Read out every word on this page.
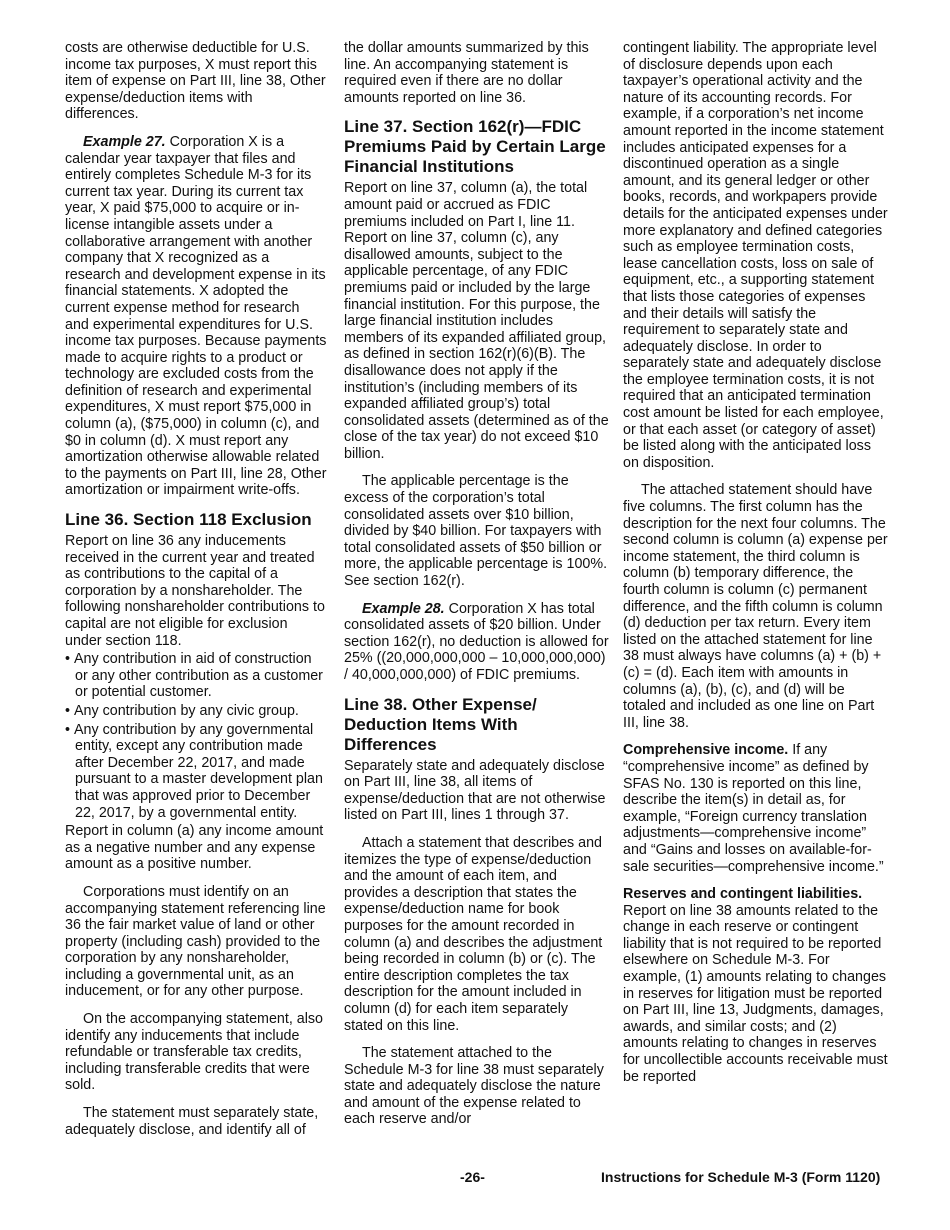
costs are otherwise deductible for U.S. income tax purposes, X must report this item of expense on Part III, line 38, Other expense/deduction items with differences.

Example 27. Corporation X is a calendar year taxpayer that files and entirely completes Schedule M-3 for its current tax year. During its current tax year, X paid $75,000 to acquire or in-license intangible assets under a collaborative arrangement with another company that X recognized as a research and development expense in its financial statements. X adopted the current expense method for research and experimental expenditures for U.S. income tax purposes. Because payments made to acquire rights to a product or technology are excluded costs from the definition of research and experimental expenditures, X must report $75,000 in column (a), ($75,000) in column (c), and $0 in column (d). X must report any amortization otherwise allowable related to the payments on Part III, line 28, Other amortization or impairment write-offs.

Line 36. Section 118 Exclusion

Report on line 36 any inducements received in the current year and treated as contributions to the capital of a corporation by a nonshareholder. The following nonshareholder contributions to capital are not eligible for exclusion under section 118.

• Any contribution in aid of construction or any other contribution as a customer or potential customer.

• Any contribution by any civic group.

• Any contribution by any governmental entity, except any contribution made after December 22, 2017, and made pursuant to a master development plan that was approved prior to December 22, 2017, by a governmental entity.

Report in column (a) any income amount as a negative number and any expense amount as a positive number.

Corporations must identify on an accompanying statement referencing line 36 the fair market value of land or other property (including cash) provided to the corporation by any nonshareholder, including a governmental unit, as an inducement, or for any other purpose.

On the accompanying statement, also identify any inducements that include refundable or transferable tax credits, including transferable credits that were sold.

The statement must separately state, adequately disclose, and identify all of

the dollar amounts summarized by this line. An accompanying statement is required even if there are no dollar amounts reported on line 36.

Line 37. Section 162(r)—FDIC Premiums Paid by Certain Large Financial Institutions

Report on line 37, column (a), the total amount paid or accrued as FDIC premiums included on Part I, line 11. Report on line 37, column (c), any disallowed amounts, subject to the applicable percentage, of any FDIC premiums paid or included by the large financial institution. For this purpose, the large financial institution includes members of its expanded affiliated group, as defined in section 162(r)(6)(B). The disallowance does not apply if the institution’s (including members of its expanded affiliated group’s) total consolidated assets (determined as of the close of the tax year) do not exceed $10 billion.

The applicable percentage is the excess of the corporation’s total consolidated assets over $10 billion, divided by $40 billion. For taxpayers with total consolidated assets of $50 billion or more, the applicable percentage is 100%. See section 162(r).

Example 28. Corporation X has total consolidated assets of $20 billion. Under section 162(r), no deduction is allowed for 25% ((20,000,000,000 – 10,000,000,000) / 40,000,000,000) of FDIC premiums.

Line 38. Other Expense/ Deduction Items With Differences

Separately state and adequately disclose on Part III, line 38, all items of expense/deduction that are not otherwise listed on Part III, lines 1 through 37.

Attach a statement that describes and itemizes the type of expense/deduction and the amount of each item, and provides a description that states the expense/deduction name for book purposes for the amount recorded in column (a) and describes the adjustment being recorded in column (b) or (c). The entire description completes the tax description for the amount included in column (d) for each item separately stated on this line.

The statement attached to the Schedule M-3 for line 38 must separately state and adequately disclose the nature and amount of the expense related to each reserve and/or

contingent liability. The appropriate level of disclosure depends upon each taxpayer’s operational activity and the nature of its accounting records. For example, if a corporation’s net income amount reported in the income statement includes anticipated expenses for a discontinued operation as a single amount, and its general ledger or other books, records, and workpapers provide details for the anticipated expenses under more explanatory and defined categories such as employee termination costs, lease cancellation costs, loss on sale of equipment, etc., a supporting statement that lists those categories of expenses and their details will satisfy the requirement to separately state and adequately disclose. In order to separately state and adequately disclose the employee termination costs, it is not required that an anticipated termination cost amount be listed for each employee, or that each asset (or category of asset) be listed along with the anticipated loss on disposition.

The attached statement should have five columns. The first column has the description for the next four columns. The second column is column (a) expense per income statement, the third column is column (b) temporary difference, the fourth column is column (c) permanent difference, and the fifth column is column (d) deduction per tax return. Every item listed on the attached statement for line 38 must always have columns (a) + (b) + (c) = (d). Each item with amounts in columns (a), (b), (c), and (d) will be totaled and included as one line on Part III, line 38.

Comprehensive income. If any “comprehensive income” as defined by SFAS No. 130 is reported on this line, describe the item(s) in detail as, for example, “Foreign currency translation adjustments—comprehensive income” and “Gains and losses on available-for-sale securities—comprehensive income.”

Reserves and contingent liabilities. Report on line 38 amounts related to the change in each reserve or contingent liability that is not required to be reported elsewhere on Schedule M-3. For example, (1) amounts relating to changes in reserves for litigation must be reported on Part III, line 13, Judgments, damages, awards, and similar costs; and (2) amounts relating to changes in reserves for uncollectible accounts receivable must be reported

-26-	Instructions for Schedule M-3 (Form 1120)
